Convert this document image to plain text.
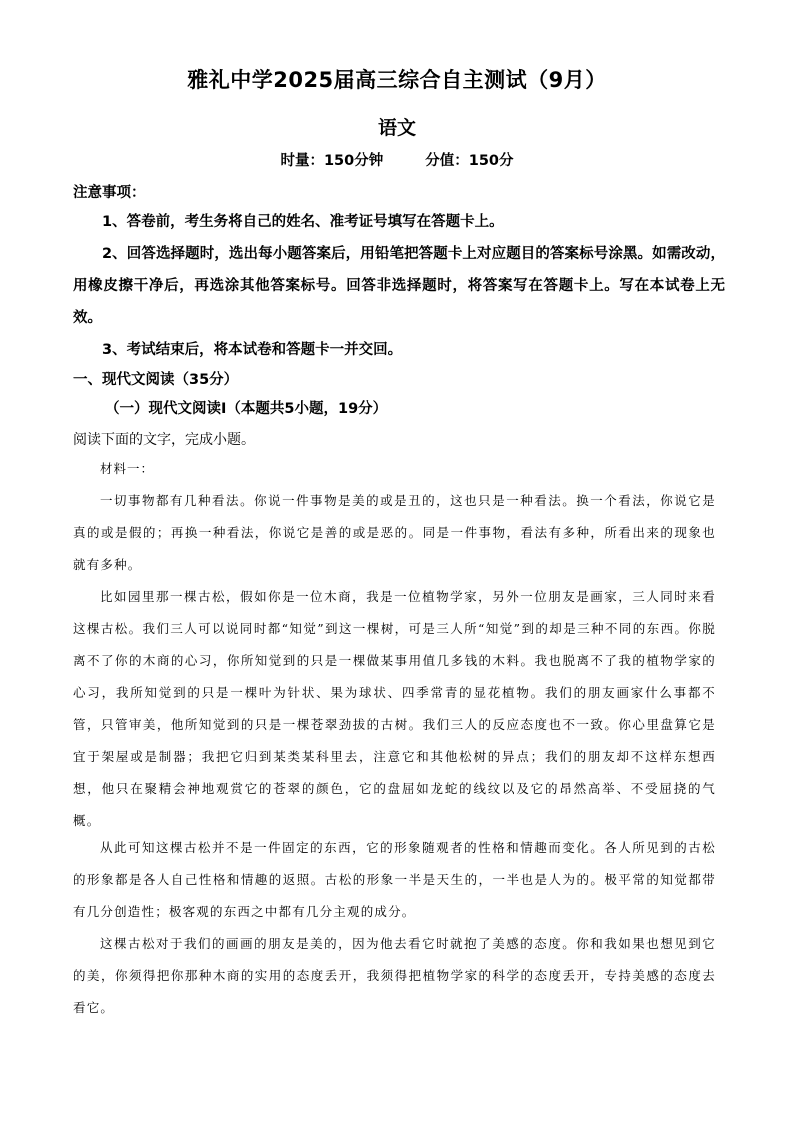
雅礼中学2025届高三综合自主测试（9月）
语文
时量：150分钟	分值：150分
注意事项：
1、答卷前，考生务将自己的姓名、准考证号填写在答题卡上。
2、回答选择题时，选出每小题答案后，用铅笔把答题卡上对应题目的答案标号涂黑。如需改动，用橡皮擦干净后，再选涂其他答案标号。回答非选择题时，将答案写在答题卡上。写在本试卷上无效。
3、考试结束后，将本试卷和答题卡一并交回。
一、现代文阅读（35分）
（一）现代文阅读Ⅰ（本题共5小题，19分）
阅读下面的文字，完成小题。
材料一：
一切事物都有几种看法。你说一件事物是美的或是丑的，这也只是一种看法。换一个看法，你说它是真的或是假的；再换一种看法，你说它是善的或是恶的。同是一件事物，看法有多种，所看出来的现象也就有多种。
比如园里那一棵古松，假如你是一位木商，我是一位植物学家，另外一位朋友是画家，三人同时来看这棵古松。我们三人可以说同时都“知觉”到这一棵树，可是三人所“知觉”到的却是三种不同的东西。你脱离不了你的木商的心习，你所知觉到的只是一棵做某事用值几多钱的木料。我也脱离不了我的植物学家的心习，我所知觉到的只是一棵叶为针状、果为球状、四季常青的显花植物。我们的朋友画家什么事都不管，只管审美，他所知觉到的只是一棵苍翠劲拔的古树。我们三人的反应态度也不一致。你心里盘算它是宜于架屋或是制器；我把它归到某类某科里去，注意它和其他松树的异点；我们的朋友却不这样东想西想，他只在聚精会神地观赏它的苍翠的颜色，它的盘屈如龙蛇的线纹以及它的昂然高举、不受屈挠的气概。
从此可知这棵古松并不是一件固定的东西，它的形象随观者的性格和情趣而变化。各人所见到的古松的形象都是各人自己性格和情趣的返照。古松的形象一半是天生的，一半也是人为的。极平常的知觉都带有几分创造性；极客观的东西之中都有几分主观的成分。
这棵古松对于我们的画画的朋友是美的，因为他去看它时就抱了美感的态度。你和我如果也想见到它的美，你须得把你那种木商的实用的态度丢开，我须得把植物学家的科学的态度丢开，专持美感的态度去看它。
